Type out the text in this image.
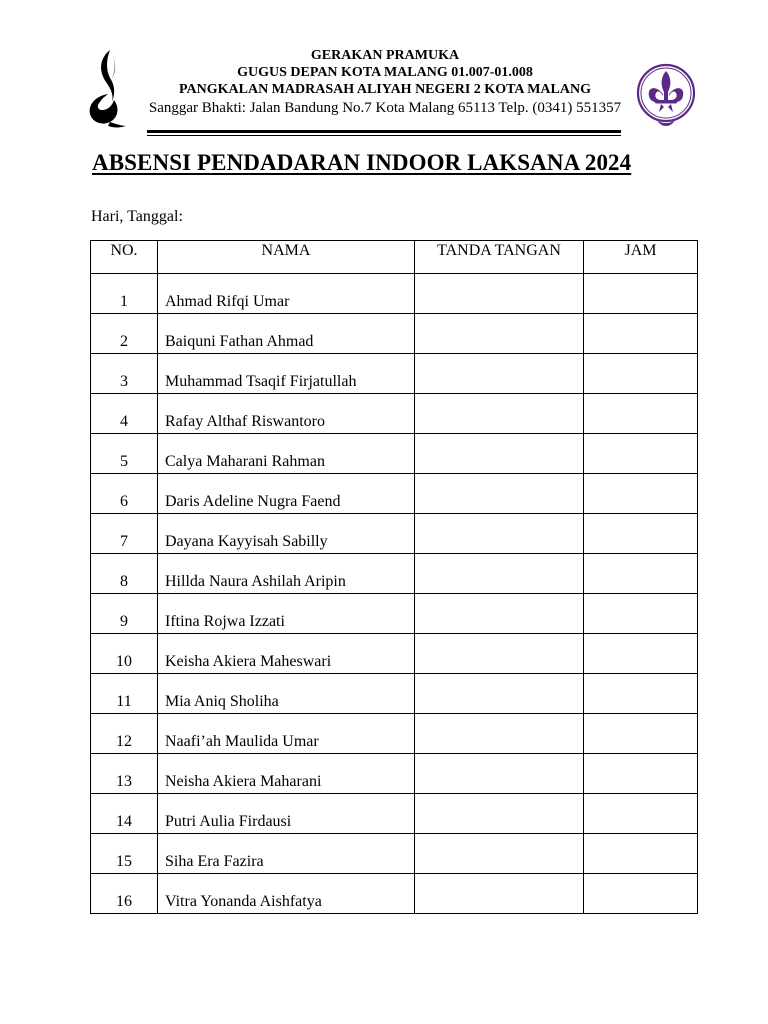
GERAKAN PRAMUKA
GUGUS DEPAN KOTA MALANG 01.007-01.008
PANGKALAN MADRASAH ALIYAH NEGERI 2 KOTA MALANG
Sanggar Bhakti: Jalan Bandung No.7 Kota Malang 65113 Telp. (0341) 551357
ABSENSI PENDADARAN INDOOR LAKSANA 2024
Hari, Tanggal:
NO.	NAMA	TANDA TANGAN	JAM
1	Ahmad Rifqi Umar		
2	Baiquni Fathan Ahmad		
3	Muhammad Tsaqif Firjatullah		
4	Rafay Althaf Riswantoro		
5	Calya Maharani Rahman		
6	Daris Adeline Nugra Faend		
7	Dayana Kayyisah Sabilly		
8	Hillda Naura Ashilah Aripin		
9	Iftina Rojwa Izzati		
10	Keisha Akiera Maheswari		
11	Mia Aniq Sholiha		
12	Naafi’ah Maulida Umar		
13	Neisha Akiera Maharani		
14	Putri Aulia Firdausi		
15	Siha Era Fazira		
16	Vitra Yonanda Aishfatya		
